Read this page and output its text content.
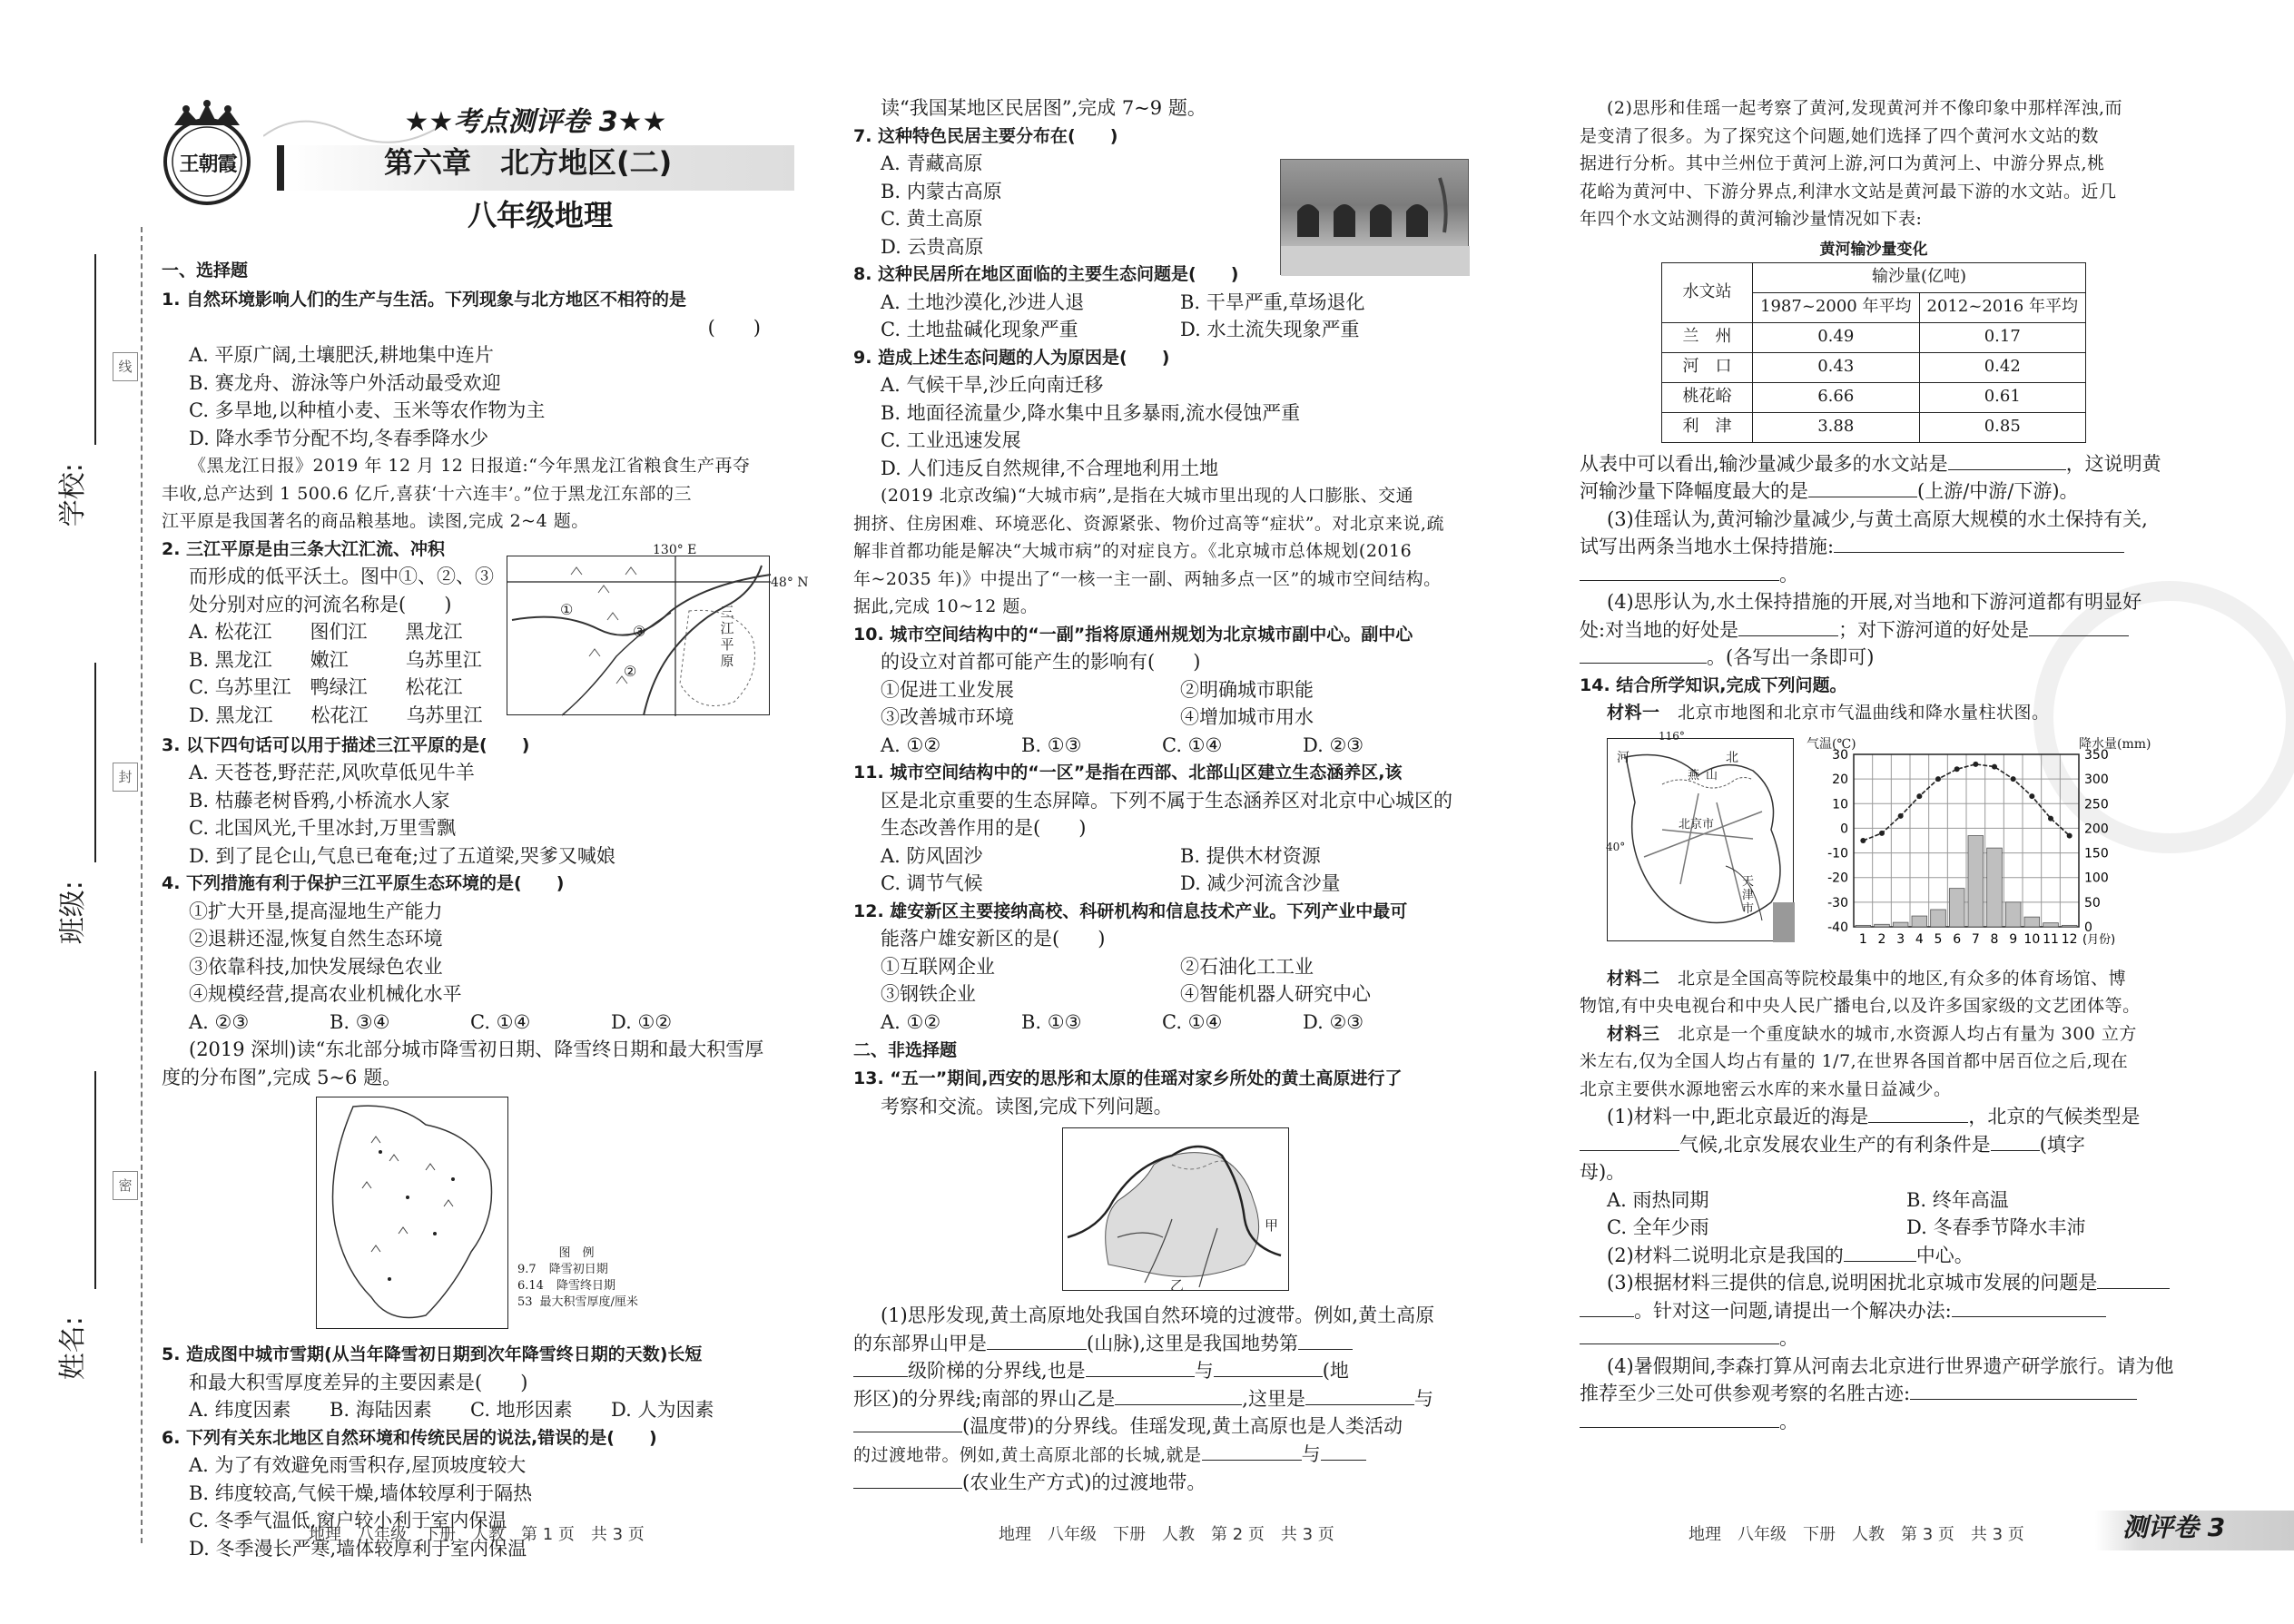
线
封
密
学校:
班级:
姓名:
王朝霞
★★考点测评卷 3★★
第六章　北方地区(二)
八年级地理
一、选择题
1. 自然环境影响人们的生产与生活。下列现象与北方地区不相符的是
(　　)
A. 平原广阔,土壤肥沃,耕地集中连片
B. 赛龙舟、游泳等户外活动最受欢迎
C. 多旱地,以种植小麦、玉米等农作物为主
D. 降水季节分配不均,冬春季降水少
《黑龙江日报》2019 年 12 月 12 日报道:“今年黑龙江省粮食生产再夺
丰收,总产达到 1 500.6 亿斤,喜获‘十六连丰’。”位于黑龙江东部的三
江平原是我国著名的商品粮基地。读图,完成 2~4 题。
2. 三江平原是由三条大江汇流、冲积
而形成的低平沃土。图中①、②、③
处分别对应的河流名称是(　　)
A. 松花江　　图们江　　黑龙江
B. 黑龙江　　嫩江　　　乌苏里江
C. 乌苏里江　鸭绿江　　松花江
D. 黑龙江　　松花江　　乌苏里江
130° E
48° N
①
②
③
三
江
平
原
3. 以下四句话可以用于描述三江平原的是(　　)
A. 天苍苍,野茫茫,风吹草低见牛羊
B. 枯藤老树昏鸦,小桥流水人家
C. 北国风光,千里冰封,万里雪飘
D. 到了昆仑山,气息已奄奄;过了五道梁,哭爹又喊娘
4. 下列措施有利于保护三江平原生态环境的是(　　)
①扩大开垦,提高湿地生产能力
②退耕还湿,恢复自然生态环境
③依靠科技,加快发展绿色农业
④规模经营,提高农业机械化水平
A. ②③	B. ③④	C. ①④	D. ①②
(2019 深圳)读“东北部分城市降雪初日期、降雪终日期和最大积雪厚
度的分布图”,完成 5~6 题。
图　例
9.7 降雪初日期
6.14 降雪终日期
53 最大积雪厚度/厘米
5. 造成图中城市雪期(从当年降雪初日期到次年降雪终日期的天数)长短
和最大积雪厚度差异的主要因素是(　　)
A. 纬度因素	B. 海陆因素	C. 地形因素	D. 人为因素
6. 下列有关东北地区自然环境和传统民居的说法,错误的是(　　)
A. 为了有效避免雨雪积存,屋顶坡度较大
B. 纬度较高,气候干燥,墙体较厚利于隔热
C. 冬季气温低,窗户较小利于室内保温
D. 冬季漫长严寒,墙体较厚利于室内保温
地理　八年级　下册　人教　第 1 页　共 3 页
读“我国某地区民居图”,完成 7~9 题。
7. 这种特色民居主要分布在(　　)
A. 青藏高原
B. 内蒙古高原
C. 黄土高原
D. 云贵高原
8. 这种民居所在地区面临的主要生态问题是(　　)
A. 土地沙漠化,沙进人退	B. 干旱严重,草场退化
C. 土地盐碱化现象严重	D. 水土流失现象严重
9. 造成上述生态问题的人为原因是(　　)
A. 气候干旱,沙丘向南迁移
B. 地面径流量少,降水集中且多暴雨,流水侵蚀严重
C. 工业迅速发展
D. 人们违反自然规律,不合理地利用土地
(2019 北京改编)“大城市病”,是指在大城市里出现的人口膨胀、交通
拥挤、住房困难、环境恶化、资源紧张、物价过高等“症状”。对北京来说,疏
解非首都功能是解决“大城市病”的对症良方。《北京城市总体规划(2016
年~2035 年)》中提出了“一核一主一副、两轴多点一区”的城市空间结构。
据此,完成 10~12 题。
10. 城市空间结构中的“一副”指将原通州规划为北京城市副中心。副中心
的设立对首都可能产生的影响有(　　)
①促进工业发展	②明确城市职能
③改善城市环境	④增加城市用水
A. ①②	B. ①③	C. ①④	D. ②③
11. 城市空间结构中的“一区”是指在西部、北部山区建立生态涵养区,该
区是北京重要的生态屏障。下列不属于生态涵养区对北京中心城区的
生态改善作用的是(　　)
A. 防风固沙	B. 提供木材资源
C. 调节气候	D. 减少河流含沙量
12. 雄安新区主要接纳高校、科研机构和信息技术产业。下列产业中最可
能落户雄安新区的是(　　)
①互联网企业	②石油化工工业
③钢铁企业	④智能机器人研究中心
A. ①②	B. ①③	C. ①④	D. ②③
二、非选择题
13. “五一”期间,西安的思彤和太原的佳瑶对家乡所处的黄土高原进行了
考察和交流。读图,完成下列问题。
甲
乙
(1)思彤发现,黄土高原地处我国自然环境的过渡带。例如,黄土高原
的东部界山甲是	(山脉),这里是我国地势第
级阶梯的分界线,也是	与	(地
形区)的分界线;南部的界山乙是	,这里是	与
(温度带)的分界线。佳瑶发现,黄土高原也是人类活动
的过渡地带。例如,黄土高原北部的长城,就是	与
(农业生产方式)的过渡地带。
地理　八年级　下册　人教　第 2 页　共 3 页
(2)思彤和佳瑶一起考察了黄河,发现黄河并不像印象中那样浑浊,而
是变清了很多。为了探究这个问题,她们选择了四个黄河水文站的数
据进行分析。其中兰州位于黄河上游,河口为黄河上、中游分界点,桃
花峪为黄河中、下游分界点,利津水文站是黄河最下游的水文站。近几
年四个水文站测得的黄河输沙量情况如下表:
黄河输沙量变化
水文站	输沙量(亿吨)	
	1987~2000 年平均	2012~2016 年平均
兰　州	0.49	0.17
河　口	0.43	0.42
桃花峪	6.66	0.61
利　津	3.88	0.85
从表中可以看出,输沙量减少最多的水文站是	，这说明黄
河输沙量下降幅度最大的是	(上游/中游/下游)。
(3)佳瑶认为,黄河输沙量减少,与黄土高原大规模的水土保持有关,
试写出两条当地水土保持措施:
。
(4)思彤认为,水土保持措施的开展,对当地和下游河道都有明显好
处:对当地的好处是	；对下游河道的好处是
。(各写出一条即可)
14. 结合所学知识,完成下列问题。
材料一　 北京市地图和北京市气温曲线和降水量柱状图。
河	北
116°
40°
燕 山
北京市
天津市
气温(℃)	降水量(mm)
30
20
10
0
-10
-20
-30
-40
350
300
250
200
150
100
50
0
1 2 3 4 5 6 7 8 9 10 11 12 (月份)
材料二　 北京是全国高等院校最集中的地区,有众多的体育场馆、博
物馆,有中央电视台和中央人民广播电台,以及许多国家级的文艺团体等。
材料三　 北京是一个重度缺水的城市,水资源人均占有量为 300 立方
米左右,仅为全国人均占有量的 1/7,在世界各国首都中居百位之后,现在
北京主要供水源地密云水库的来水量日益减少。
(1)材料一中,距北京最近的海是	，北京的气候类型是
气候,北京发展农业生产的有利条件是	(填字
母)。
A. 雨热同期	B. 终年高温
C. 全年少雨	D. 冬春季节降水丰沛
(2)材料二说明北京是我国的	中心。
(3)根据材料三提供的信息,说明困扰北京城市发展的问题是
。针对这一问题,请提出一个解决办法:
。
(4)暑假期间,李森打算从河南去北京进行世界遗产研学旅行。请为他
推荐至少三处可供参观考察的名胜古迹:
。
地理　八年级　下册　人教　第 3 页　共 3 页	测评卷 3
